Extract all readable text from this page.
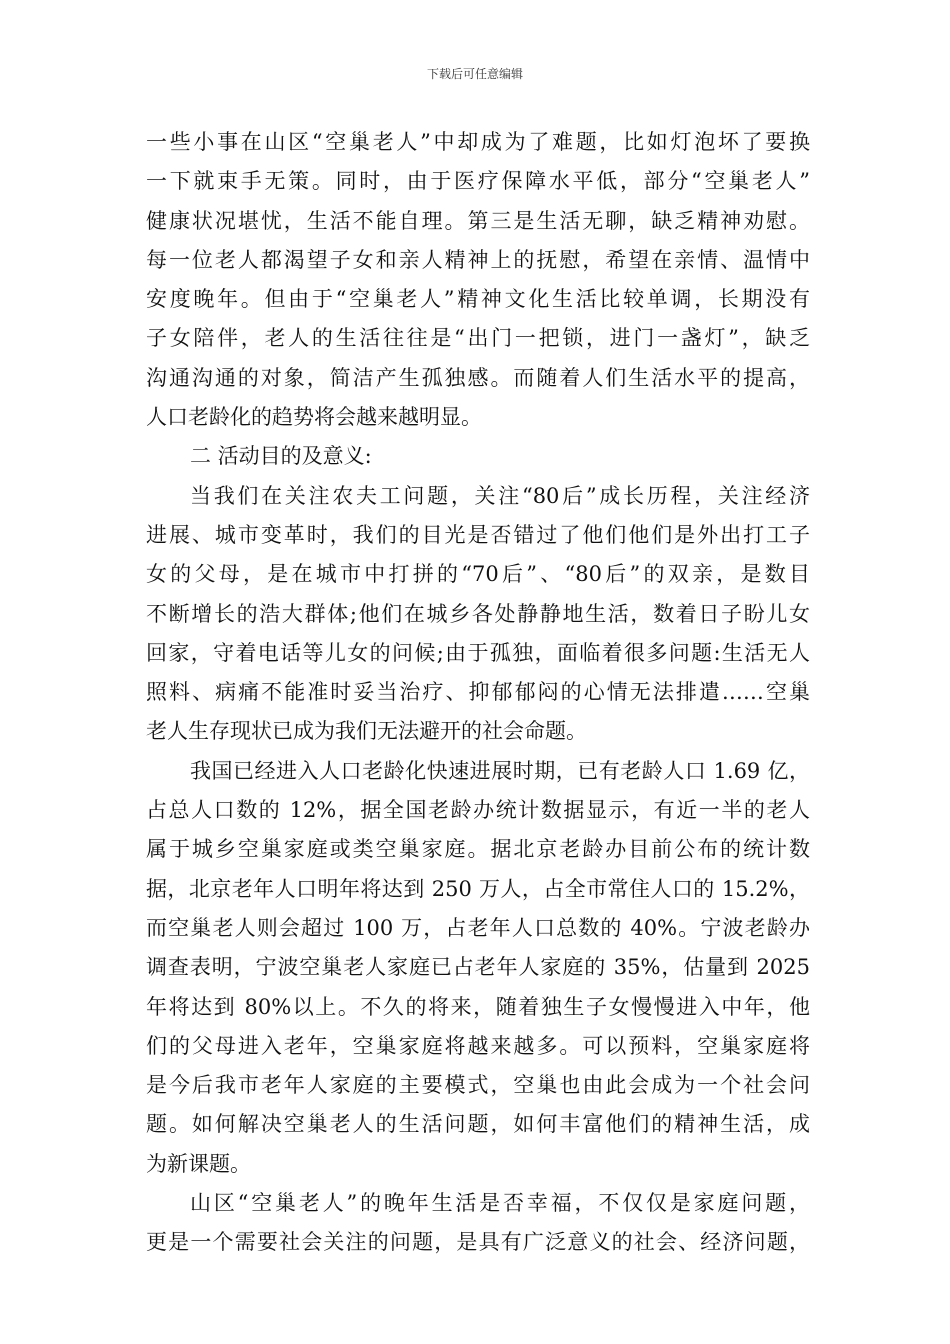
下载后可任意编辑
一些小事在山区“空巢老人”中却成为了难题，比如灯泡坏了要换
一下就束手无策。同时，由于医疗保障水平低，部分“空巢老人”
健康状况堪忧，生活不能自理。第三是生活无聊，缺乏精神劝慰。
每一位老人都渴望子女和亲人精神上的抚慰，希望在亲情、温情中
安度晚年。但由于“空巢老人”精神文化生活比较单调，长期没有
子女陪伴，老人的生活往往是“出门一把锁，进门一盏灯”，缺乏
沟通沟通的对象，简洁产生孤独感。而随着人们生活水平的提高，
人口老龄化的趋势将会越来越明显。
二 活动目的及意义:
当我们在关注农夫工问题，关注“80后”成长历程，关注经济
进展、城市变革时，我们的目光是否错过了他们他们是外出打工子
女的父母，是在城市中打拼的“70后”、“80后”的双亲，是数目
不断增长的浩大群体;他们在城乡各处静静地生活，数着日子盼儿女
回家，守着电话等儿女的问候;由于孤独，面临着很多问题:生活无人
照料、病痛不能准时妥当治疗、抑郁郁闷的心情无法排遣……空巢
老人生存现状已成为我们无法避开的社会命题。
我国已经进入人口老龄化快速进展时期，已有老龄人口 1.69 亿，
占总人口数的 12%，据全国老龄办统计数据显示，有近一半的老人
属于城乡空巢家庭或类空巢家庭。据北京老龄办目前公布的统计数
据，北京老年人口明年将达到 250 万人，占全市常住人口的 15.2%，
而空巢老人则会超过 100 万，占老年人口总数的 40%。宁波老龄办
调查表明，宁波空巢老人家庭已占老年人家庭的 35%，估量到 2025
年将达到 80%以上。不久的将来，随着独生子女慢慢进入中年，他
们的父母进入老年，空巢家庭将越来越多。可以预料，空巢家庭将
是今后我市老年人家庭的主要模式，空巢也由此会成为一个社会问
题。如何解决空巢老人的生活问题，如何丰富他们的精神生活，成
为新课题。
山区“空巢老人”的晚年生活是否幸福，不仅仅是家庭问题，
更是一个需要社会关注的问题，是具有广泛意义的社会、经济问题，
